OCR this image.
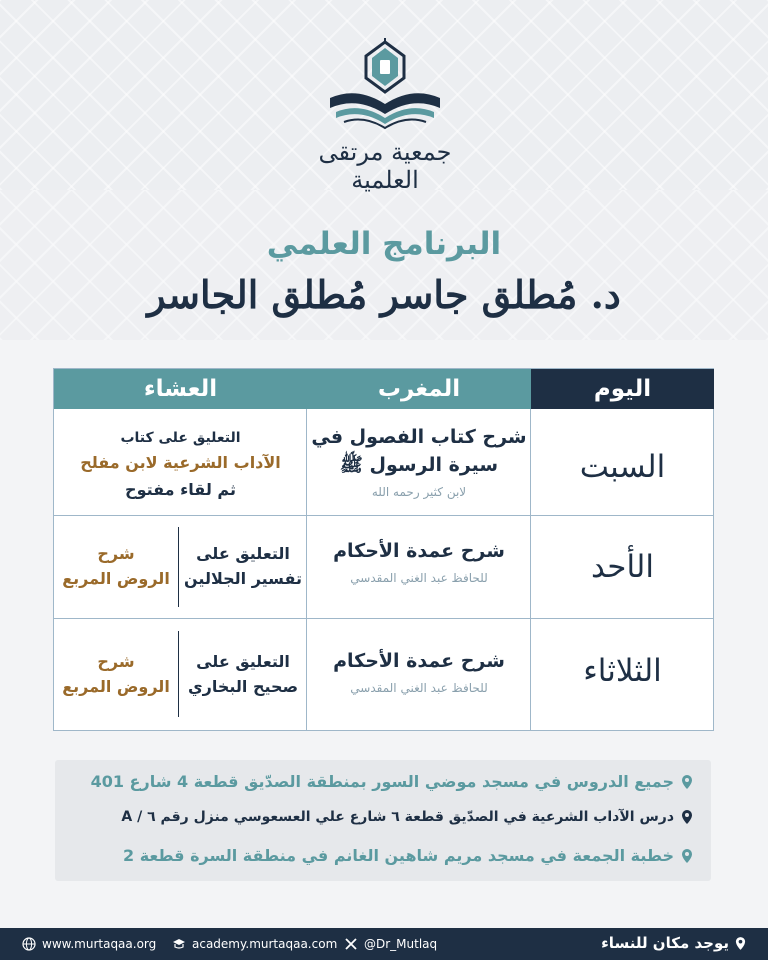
جمعية مرتقى العلمية
البرنامج العلمي
د. مُطلق جاسر مُطلق الجاسر
اليوم
المغرب
العشاء
السبت
شرح كتاب الفصول في
سيرة الرسول ﷺ
لابن كثير رحمه الله
التعليق على كتاب
الآداب الشرعية لابن مفلح
ثم لقاء مفتوح
الأحد
شرح عمدة الأحكام
للحافظ عبد الغني المقدسي
التعليق على
تفسير الجلالين
شرح
الروض المربع
الثلاثاء
شرح عمدة الأحكام
للحافظ عبد الغني المقدسي
التعليق على
صحيح البخاري
شرح
الروض المربع
جميع الدروس في مسجد موضي السور بمنطقة الصدّيق قطعة 4 شارع 401
درس الآداب الشرعية في الصدّيق قطعة ٦ شارع علي العسعوسي منزل رقم ٦ / A
خطبة الجمعة في مسجد مريم شاهين الغانم في منطقة السرة قطعة 2
www.murtaqaa.org	academy.murtaqaa.com @Dr_Mutlaq	يوجد مكان للنساء
